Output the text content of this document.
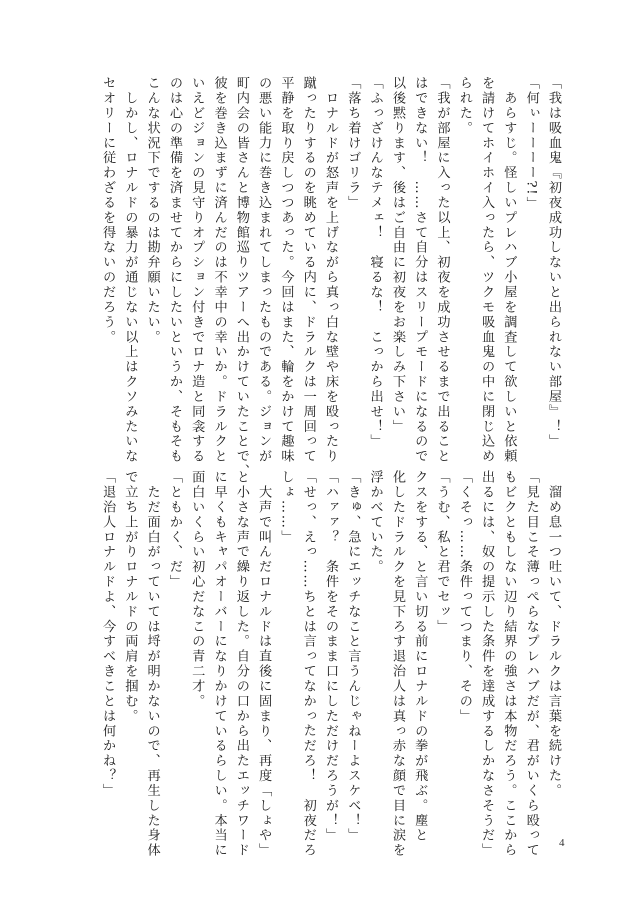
「我は吸血鬼『初夜成功しないと出られない部屋』！」
「何ぃーーーー?!」
　あらすじ。怪しいプレハブ小屋を調査して欲しいと依頼
を請けてホイホイ入ったら、ツクモ吸血鬼の中に閉じ込め
られた。
「我が部屋に入った以上、初夜を成功させるまで出ること
はできない！　……さて自分はスリープモードになるので
以後黙ります、後はご自由に初夜をお楽しみ下さい」
「ふっざけんなテメェ！　寝るな！　こっから出せ！」
「落ち着けゴリラ」
　ロナルドが怒声を上げながら真っ白な壁や床を殴ったり
蹴ったりするのを眺めている内に、ドラルクは一周回って
平静を取り戻しつつあった。今回はまた、輪をかけて趣味
の悪い能力に巻き込まれてしまったものである。ジョンが
町内会の皆さんと博物館巡りツアーへ出かけていたことで、
彼を巻き込まずに済んだのは不幸中の幸いか。ドラルクと
いえどジョンの見守りオプション付きでロナ造と同衾する
のは心の準備を済ませてからにしたいというか、そもそも
こんな状況下でするのは勘弁願いたい。
　しかし、ロナルドの暴力が通じない以上はクソみたいな
セオリーに従わざるを得ないのだろう。
　溜め息一つ吐いて、ドラルクは言葉を続けた。
「見た目こそ薄っぺらなプレハブだが、君がいくら殴って
もビクともしない辺り結界の強さは本物だろう。ここから
出るには、奴の提示した条件を達成するしかなさそうだ」
「くそっ……条件ってつまり、その」
「うむ、私と君でセッ」
クスをする、と言い切る前にロナルドの拳が飛ぶ。塵と
化したドラルクを見下ろす退治人は真っ赤な顔で目に涙を
浮かべていた。
「きゅ、急にエッチなこと言うんじゃねーよスケベ！」
「ハァァ？　条件をそのまま口にしただけだろうが！」
「せっ、えっ……ちとは言ってなかっただろ！　初夜だろ
しょ……」
　大声で叫んだロナルドは直後に固まり、再度「しょや」
と小さな声で繰り返した。自分の口から出たエッチワード
に早くもキャパオーバーになりかけているらしい。本当に
面白いくらい初心だなこの青二才。
「ともかく、だ」
　ただ面白がっていては埒が明かないので、再生した身体
で立ち上がりロナルドの両肩を掴む。
「退治人ロナルドよ、今すべきことは何かね？」
4
